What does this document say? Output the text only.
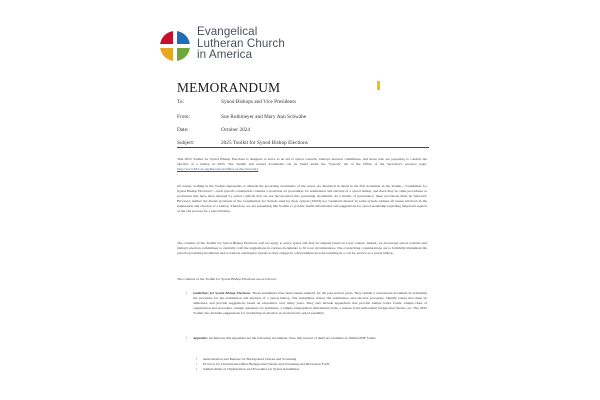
Evangelical
Lutheran Church
in America
MEMORANDUM
To:	Synod Bishops and Vice Presidents
From:	Sue Rothmeyer and Mary Ann Schwabe
Date:	October 2024
Subject:	2025 Toolkit for Synod Bishop Elections

This 2025 Toolkit for Synod Bishop Elections is designed to serve as an aid to synod councils, bishop's election committees, and those who are preparing to conduct the election of a bishop in 2025. The Toolkit and related documents can be found under the "Synods" tab of the Office of the Secretary's resource page: http://www.ELCA.org/Resources/Office-of-the-Secretary

Of course, nothing in the Toolkit supersedes or amends the governing documents of the synod. As described in detail in the first document in the Toolkit—"Guidelines for Synod Bishop Elections"—each synod's constitution contains a provision on procedures for nomination and election of a synod bishop, and there may be other procedures or provisions that have been adopted by synod councils that are not incorporated into governing documents. As a matter of governance, these provisions must be followed. However, neither the model provision in the Constitution for Synods used by most synods (S9.04) nor variations thereof in some synods address all issues involved in the nomination and election of a bishop. Therefore, we are presenting this Toolkit to provide useful information and suggestions for synod leadership regarding important aspects of the call process for a synod bishop.

The contents of the Toolkit for Synod Bishop Elections will not apply to every synod and may be adapted based on local context. Indeed, we encourage synod councils and bishop's election committees to carefully craft the suggestions in various documents to fit local circumstances. The overarching considerations are to faithfully implement the synod's governing documents and to educate and inspire synods as they engage in a discernment process resulting in a call for service as a synod bishop.

The contents of the Toolkit for Synod Bishop Elections are as follows:

• Guidelines for Synod Bishop Elections: These Guidelines have been issued annually for the past several years. They remain a cornerstone document in evaluating the processes for the nomination and election of a synod bishop. The Guidelines review the nomination and election processes, identify issues that must be addressed, and provide suggestions based on experience over many years. They also include appendices that provide sample ballot forms, sample rules of organization and procedure, sample questions for nominees, a sample biographical information form, a release form authorizing background checks, etc. The 2025 Toolkit also includes suggestions for conducting an election at an electronic synod assembly.
• Appendix: Included in this Appendix are the following documents. Note that several of them are available as fillable PDF forms:
• Authorization and Release for Background Checks and Screening
• Protocol for Churchwide Office Background Checks and Screening and Disclosure Form
• Sample Rules of Organization and Procedure for Synod Assemblies
